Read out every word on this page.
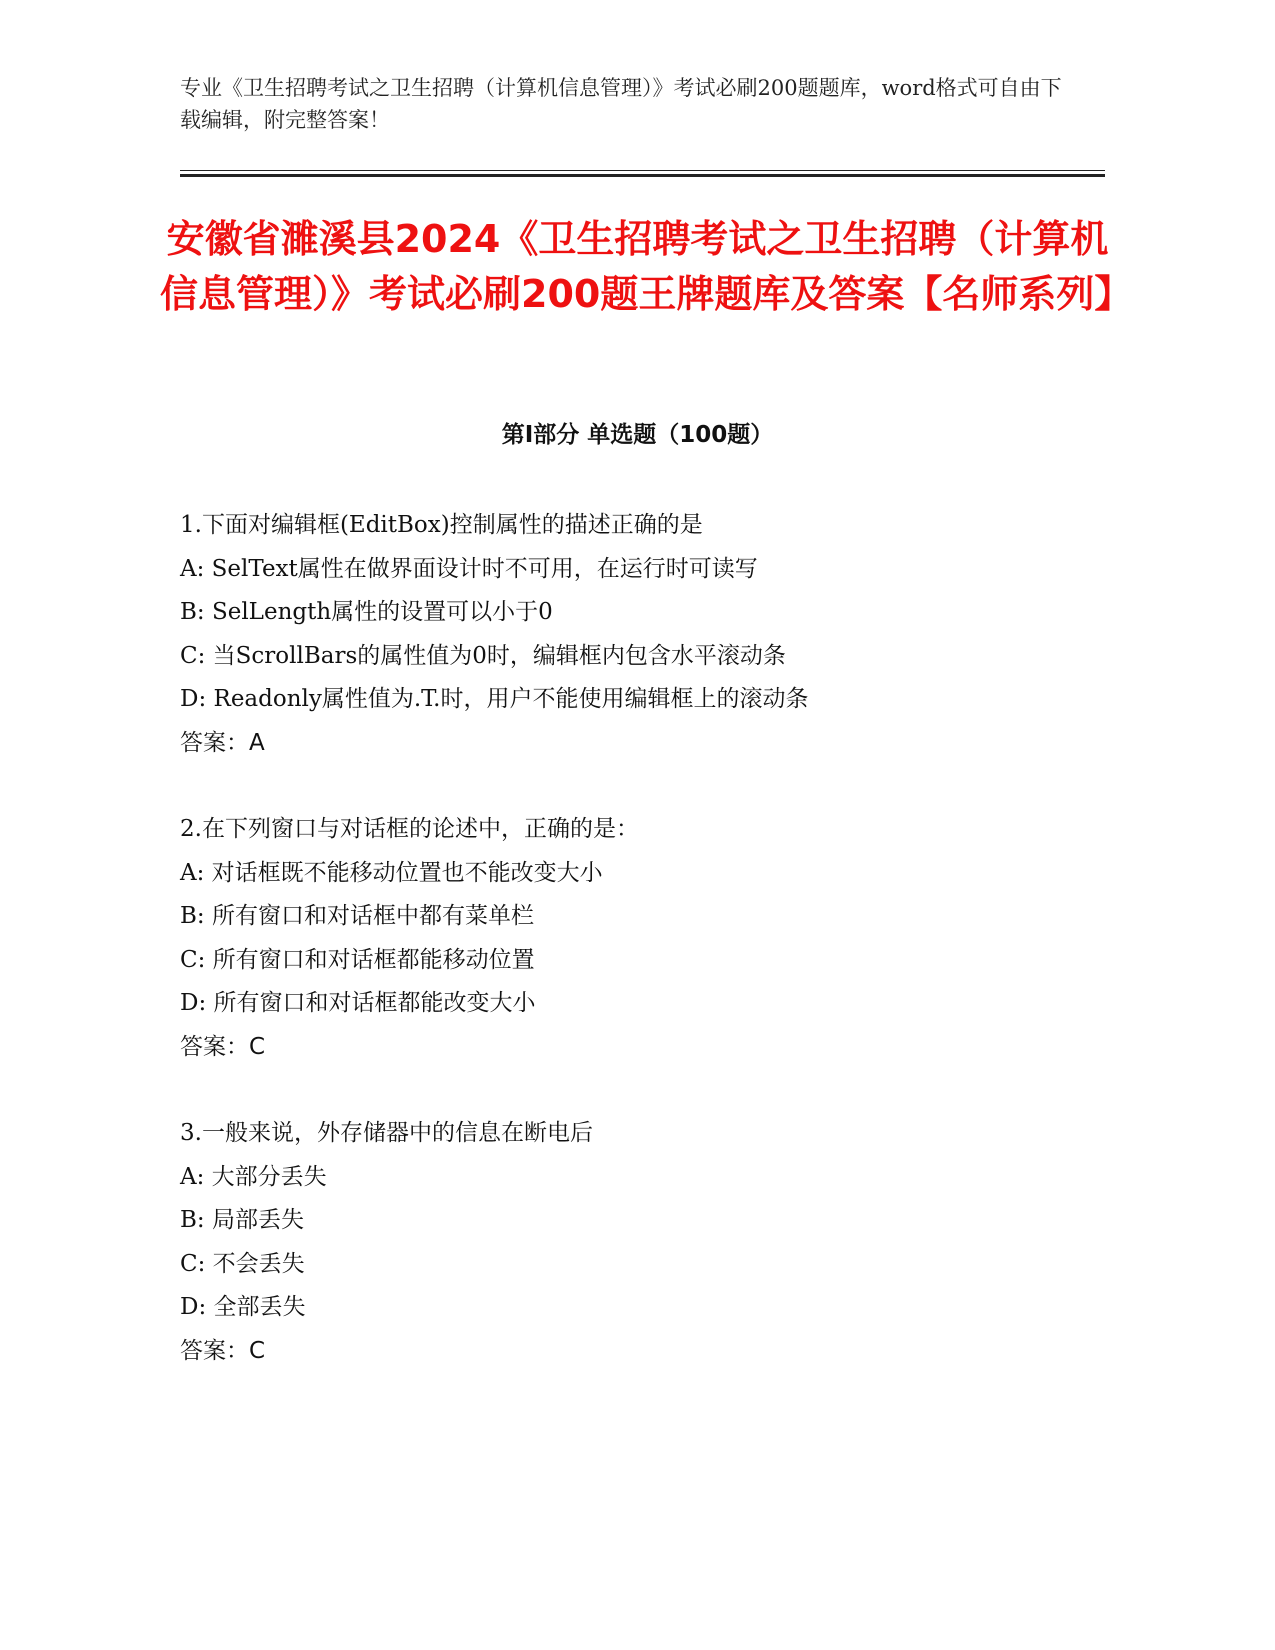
专业《卫生招聘考试之卫生招聘（计算机信息管理）》考试必刷200题题库，word格式可自由下载编辑，附完整答案！
安徽省濉溪县2024《卫生招聘考试之卫生招聘（计算机信息管理）》考试必刷200题王牌题库及答案【名师系列】
第Ⅰ部分 单选题（100题）
1.下面对编辑框(EditBox)控制属性的描述正确的是
A: SelText属性在做界面设计时不可用，在运行时可读写
B: SelLength属性的设置可以小于0
C: 当ScrollBars的属性值为0时，编辑框内包含水平滚动条
D: Readonly属性值为.T.时，用户不能使用编辑框上的滚动条
答案：A
2.在下列窗口与对话框的论述中，正确的是：
A: 对话框既不能移动位置也不能改变大小
B: 所有窗口和对话框中都有菜单栏
C: 所有窗口和对话框都能移动位置
D: 所有窗口和对话框都能改变大小
答案：C
3.一般来说，外存储器中的信息在断电后
A: 大部分丢失
B: 局部丢失
C: 不会丢失
D: 全部丢失
答案：C
